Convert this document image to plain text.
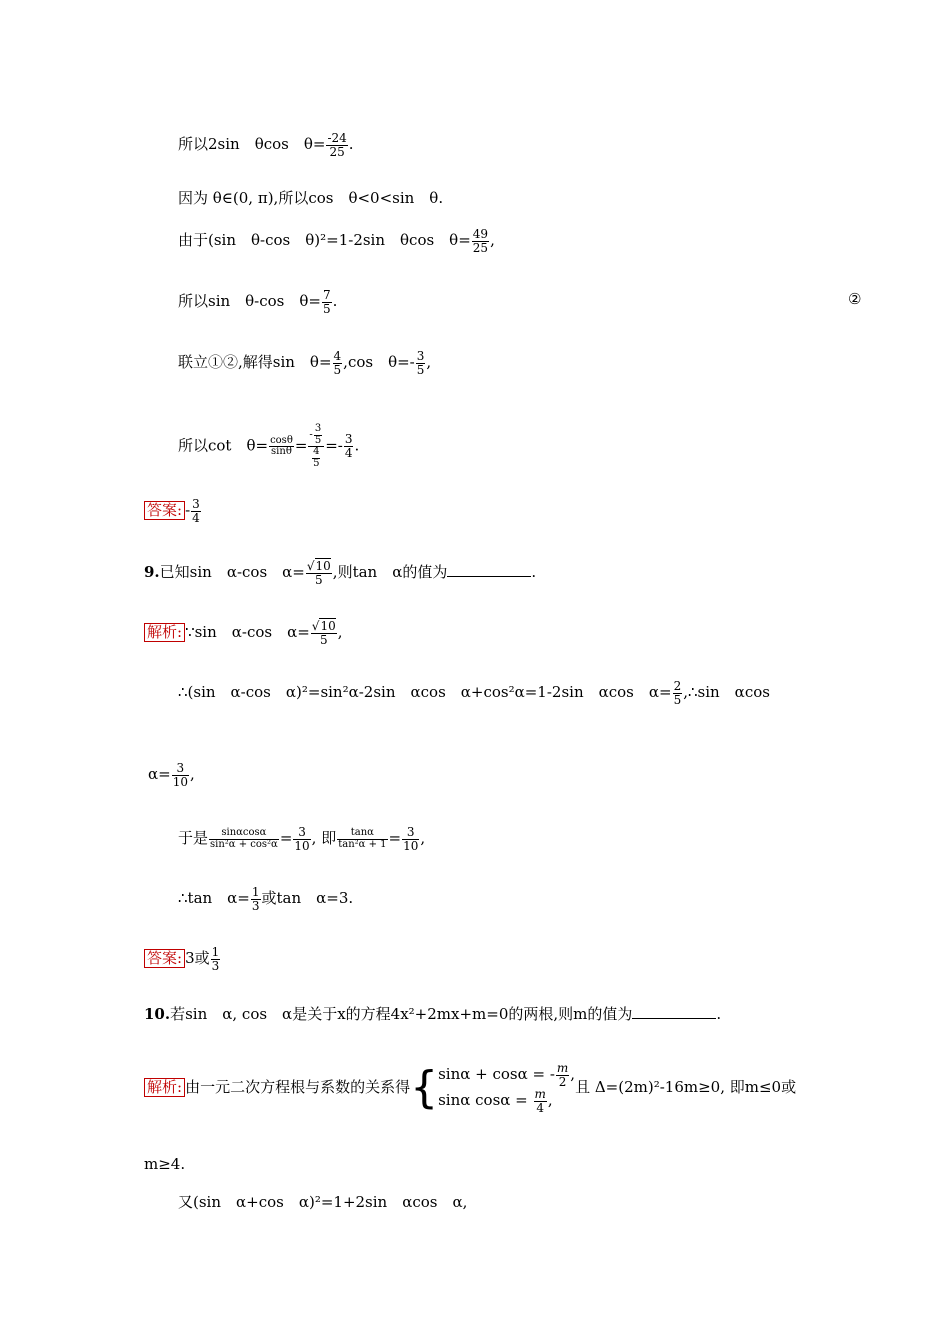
所以2sin　θcos　$\theta= \frac{-24}{25}$ .
因为 θ∈(0, π),所以cos　θ<0<sin　θ.
由于(sin　θ-cos　θ)²=1-2sin　θcos　$\theta= \frac{49}{25}$ ,
所以sin　θ-cos　$\theta= \frac{7}{5}$ .	②
联立①②,解得sin　$\theta= \frac{4}{5} ,\cos$　$\theta=- \frac{3}{5}$ ,
所以cot　$\theta= \frac{\cos\theta}{\sin\theta} = \frac{- \frac{3}{5}}{\frac{4}{5}} =- \frac{3}{4}$ .
答案: - $\frac{3}{4}$
9.已知sin　α-cos　$\alpha= \frac{√10}{5}$ ,则tan　α的值为	.
解析: ∵sin　α-cos　$\alpha= \frac{√10}{5}$ ,
∴(sin　α-cos　α)²=sin²α-2sin　αcos　α+cos²α=1-2sin　αcos　$\alpha= \frac{2}{5}$ ,∴sin　αcos
$\alpha= \frac{3}{10}$ ,
于是 $\frac{\sin\alpha\cos\alpha}{\text{sin²α + cos²α}} = \frac{3}{10}$ , 即 $\frac{\tan\alpha}{\text{tan²α + 1}} = \frac{3}{10}$ ,
∴tan　$\alpha= \frac{1}{3}$ 或tan　α=3.
答案: 3或 $\frac{1}{3}$
10.若sin　α, cos　α是关于x的方程4x²+2mx+m=0的两根,则m的值为	.
解析: 由一元二次方程根与系数的关系得{ sinα + cosα = - $\frac{m}{2}$ ,
sinα $\cos\alpha = \frac{m}{4}$ ,
且 Δ=(2m)²-16m≥0, 即m≤0或
m≥4.
又(sin　α+cos　α)²=1+2sin　αcos　α,
